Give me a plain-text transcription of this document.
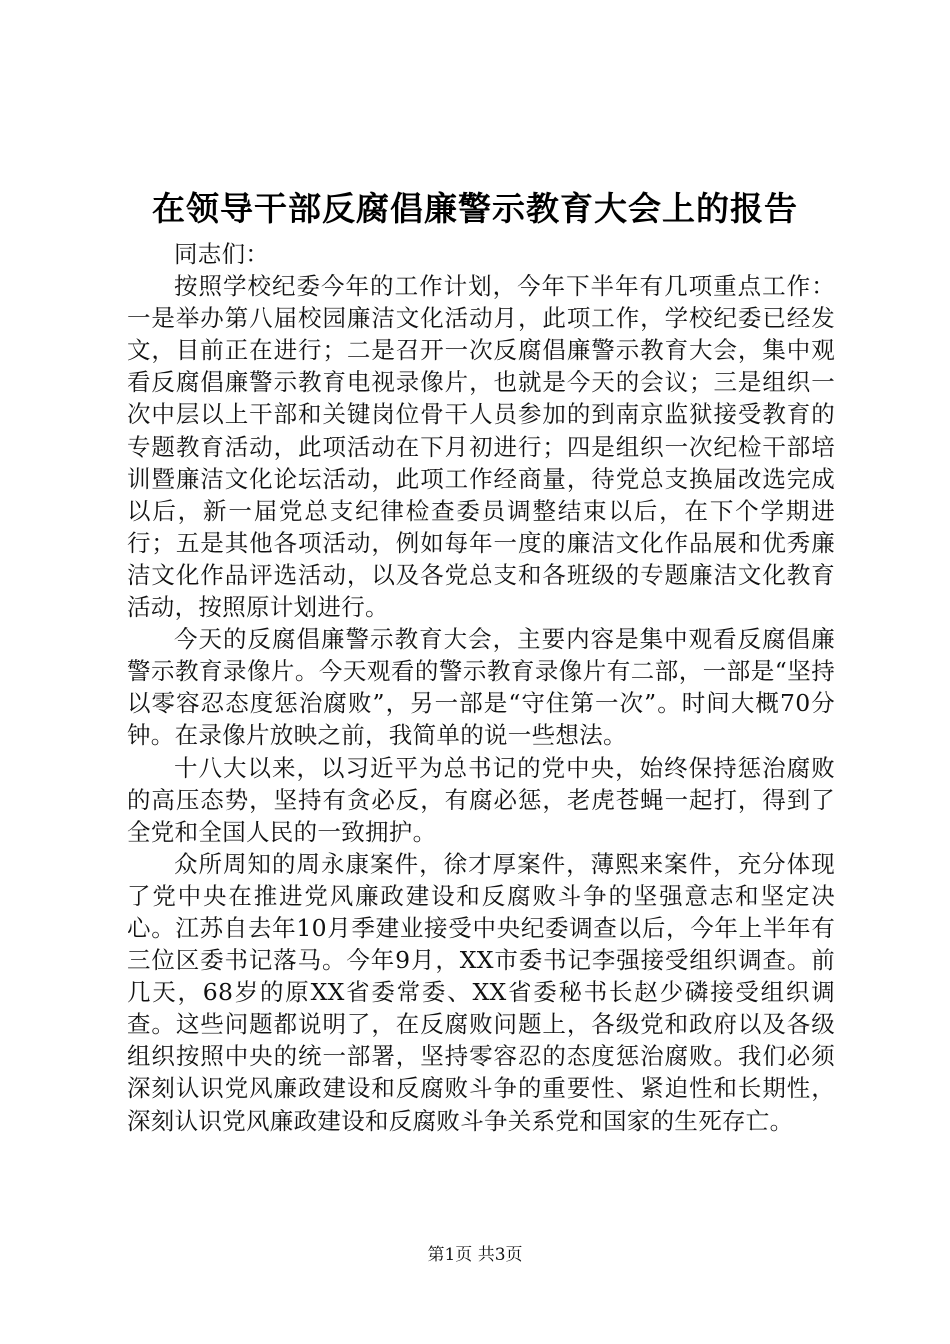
在领导干部反腐倡廉警示教育大会上的报告

同志们：

按照学校纪委今年的工作计划，今年下半年有几项重点工作：一是举办第八届校园廉洁文化活动月，此项工作，学校纪委已经发文，目前正在进行；二是召开一次反腐倡廉警示教育大会，集中观看反腐倡廉警示教育电视录像片，也就是今天的会议；三是组织一次中层以上干部和关键岗位骨干人员参加的到南京监狱接受教育的专题教育活动，此项活动在下月初进行；四是组织一次纪检干部培训暨廉洁文化论坛活动，此项工作经商量，待党总支换届改选完成以后，新一届党总支纪律检查委员调整结束以后，在下个学期进行；五是其他各项活动，例如每年一度的廉洁文化作品展和优秀廉洁文化作品评选活动，以及各党总支和各班级的专题廉洁文化教育活动，按照原计划进行。

今天的反腐倡廉警示教育大会，主要内容是集中观看反腐倡廉警示教育录像片。今天观看的警示教育录像片有二部，一部是“坚持以零容忍态度惩治腐败”，另一部是“守住第一次”。时间大概70分钟。在录像片放映之前，我简单的说一些想法。

十八大以来，以习近平为总书记的党中央，始终保持惩治腐败的高压态势，坚持有贪必反，有腐必惩，老虎苍蝇一起打，得到了全党和全国人民的一致拥护。

众所周知的周永康案件，徐才厚案件，薄熙来案件，充分体现了党中央在推进党风廉政建设和反腐败斗争的坚强意志和坚定决心。江苏自去年10月季建业接受中央纪委调查以后，今年上半年有三位区委书记落马。今年9月，XX市委书记李强接受组织调查。前几天，68岁的原XX省委常委、XX省委秘书长赵少磷接受组织调查。这些问题都说明了，在反腐败问题上，各级党和政府以及各级组织按照中央的统一部署，坚持零容忍的态度惩治腐败。我们必须深刻认识党风廉政建设和反腐败斗争的重要性、紧迫性和长期性，深刻认识党风廉政建设和反腐败斗争关系党和国家的生死存亡。

第1页 共3页
